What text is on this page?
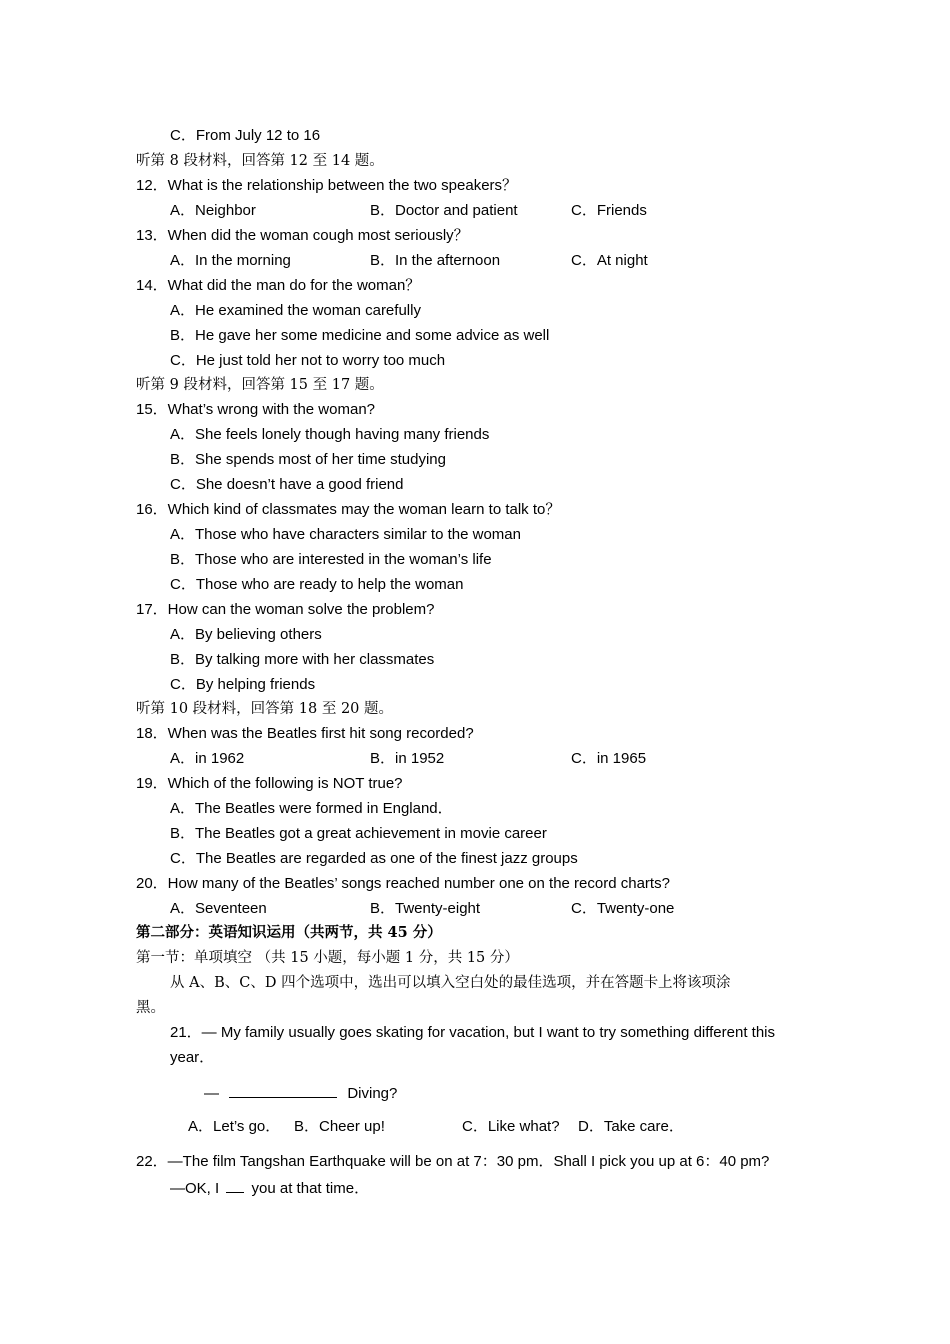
C．From July 12 to 16
听第 8 段材料，回答第 12 至 14 题。
12．What is the relationship between the two speakers？
A．Neighbor	B．Doctor and patient	C．Friends
13．When did the woman cough most seriously？
A．In the morning	B．In the afternoon	C．At night
14．What did the man do for the woman？
A．He examined the woman carefully
B．He gave her some medicine and some advice as well
C．He just told her not to worry too much
听第 9 段材料，回答第 15 至 17 题。
15．What’s wrong with the woman?
A．She feels lonely though having many friends
B．She spends most of her time studying
C．She doesn’t have a good friend
16．Which kind of classmates may the woman learn to talk to？
A．Those who have characters similar to the woman
B．Those who are interested in the woman’s life
C．Those who are ready to help the woman
17．How can the woman solve the problem?
A．By believing others
B．By talking more with her classmates
C．By helping friends
听第 10 段材料，回答第 18 至 20 题。
18．When was the Beatles first hit song recorded?
A．in 1962	B．in 1952	C．in 1965
19．Which of the following is NOT true?
A．The Beatles were formed in England．
B．The Beatles got a great achievement in movie career
C．The Beatles are regarded as one of the finest jazz groups
20．How many of the Beatles’ songs reached number one on the record charts?
A．Seventeen	B．Twenty-eight	C．Twenty-one
第二部分：英语知识运用（共两节，共 45 分）
第一节：单项填空 （共 15 小题，每小题 1 分，共 15 分）
从 A、B、C、D 四个选项中，选出可以填入空白处的最佳选项，并在答题卡上将该项涂
黑。
21．— My family usually goes skating for vacation, but I want to try something different this
year．
—	Diving?
A．Let’s go． B．Cheer up!	C．Like what? D．Take care．
22．—The film Tangshan Earthquake will be on at 7：30 pm．Shall I pick you up at 6：40 pm?
—OK, I you at that time．
